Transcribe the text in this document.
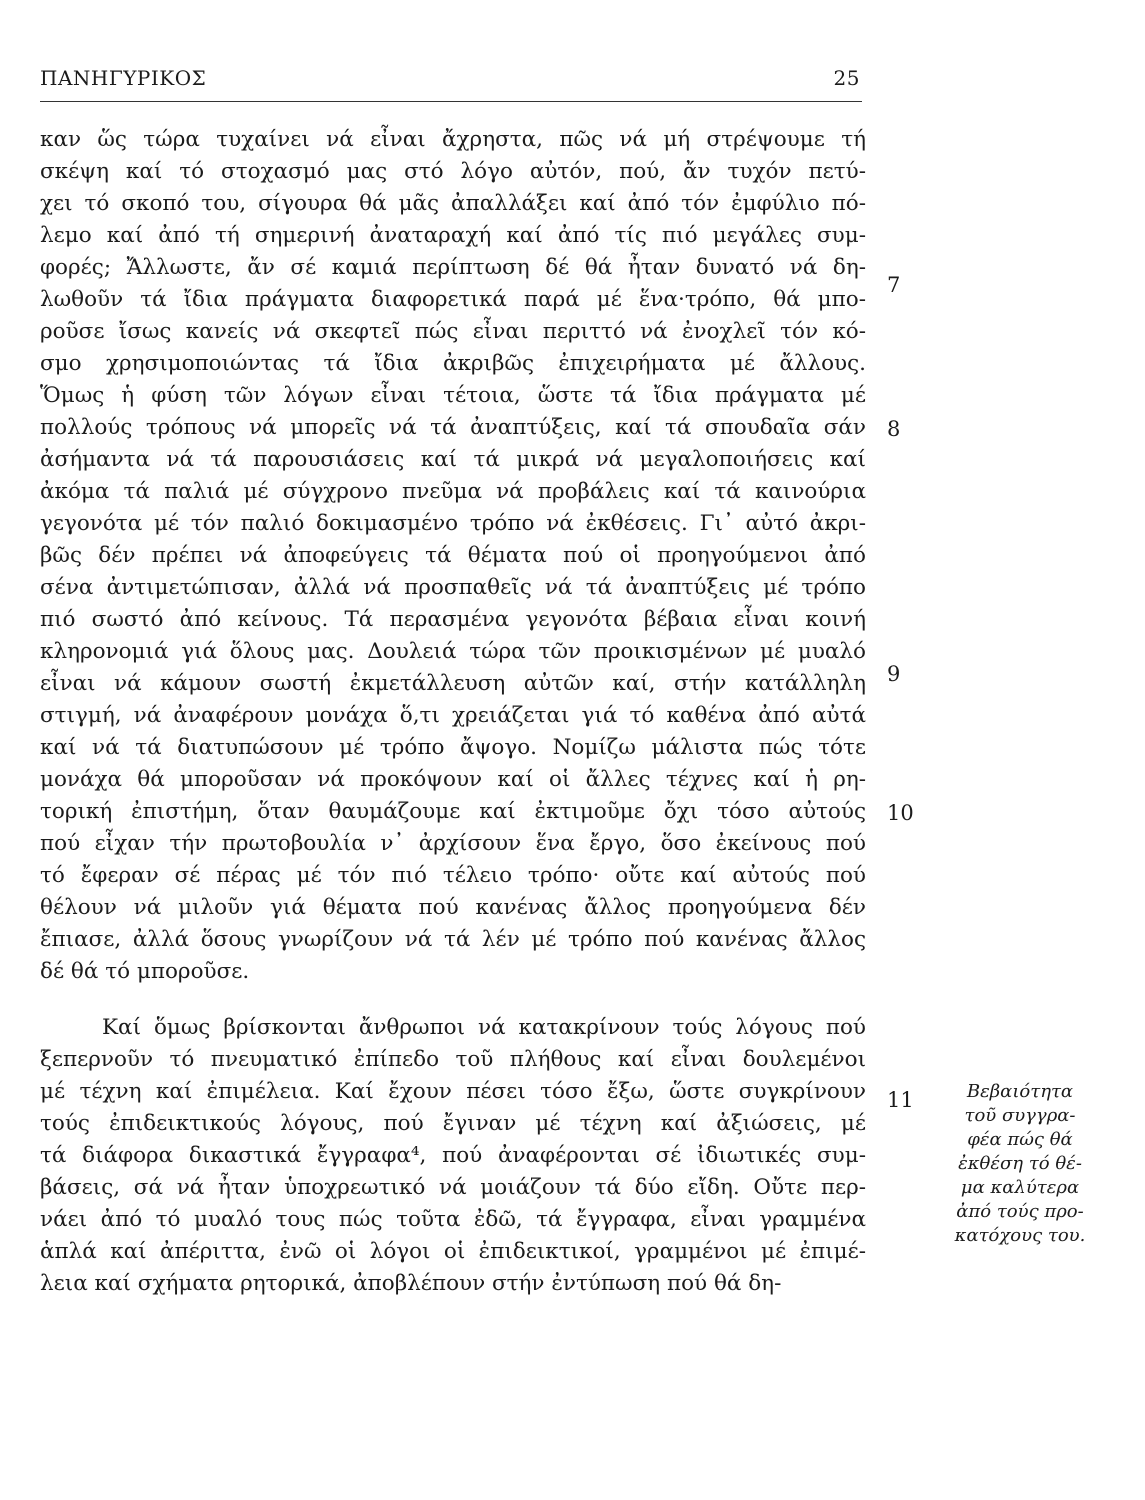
ΠΑΝΗΓΥΡΙΚΟΣ	25
καν ὥς τώρα τυχαίνει νά εἶναι ἄχρηστα, πῶς νά μή στρέψουμε τή
σκέψη καί τό στοχασμό μας στό λόγο αὐτόν, πού, ἄν τυχόν πετύ-
χει τό σκοπό του, σίγουρα θά μᾶς ἀπαλλάξει καί ἀπό τόν ἐμφύλιο πό-
λεμο καί ἀπό τή σημερινή ἀναταραχή καί ἀπό τίς πιό μεγάλες συμ-
φορές; Ἄλλωστε, ἄν σέ καμιά περίπτωση δέ θά ἦταν δυνατό νά δη-
λωθοῦν τά ἴδια πράγματα διαφορετικά παρά μέ ἕνα·τρόπο, θά μπο-
ροῦσε ἴσως κανείς νά σκεφτεῖ πώς εἶναι περιττό νά ἐνοχλεῖ τόν κό-
σμο χρησιμοποιώντας τά ἴδια ἀκριβῶς ἐπιχειρήματα μέ ἄλλους.
Ὅμως ἡ φύση τῶν λόγων εἶναι τέτοια, ὥστε τά ἴδια πράγματα μέ
πολλούς τρόπους νά μπορεῖς νά τά ἀναπτύξεις, καί τά σπουδαῖα σάν
ἀσήμαντα νά τά παρουσιάσεις καί τά μικρά νά μεγαλοποιήσεις καί
ἀκόμα τά παλιά μέ σύγχρονο πνεῦμα νά προβάλεις καί τά καινούρια
γεγονότα μέ τόν παλιό δοκιμασμένο τρόπο νά ἐκθέσεις. Γι᾽ αὐτό ἀκρι-
βῶς δέν πρέπει νά ἀποφεύγεις τά θέματα πού οἱ προηγούμενοι ἀπό
σένα ἀντιμετώπισαν, ἀλλά νά προσπαθεῖς νά τά ἀναπτύξεις μέ τρόπο
πιό σωστό ἀπό κείνους. Τά περασμένα γεγονότα βέβαια εἶναι κοινή
κληρονομιά γιά ὅλους μας. Δουλειά τώρα τῶν προικισμένων μέ μυαλό
εἶναι νά κάμουν σωστή ἐκμετάλλευση αὐτῶν καί, στήν κατάλληλη
στιγμή, νά ἀναφέρουν μονάχα ὅ,τι χρειάζεται γιά τό καθένα ἀπό αὐτά
καί νά τά διατυπώσουν μέ τρόπο ἄψογο. Νομίζω μάλιστα πώς τότε
μονάχα θά μποροῦσαν νά προκόψουν καί οἱ ἄλλες τέχνες καί ἡ ρη-
τορική ἐπιστήμη, ὅταν θαυμάζουμε καί ἐκτιμοῦμε ὄχι τόσο αὐτούς
πού εἶχαν τήν πρωτοβουλία ν᾽ ἀρχίσουν ἕνα ἔργο, ὅσο ἐκείνους πού
τό ἔφεραν σέ πέρας μέ τόν πιό τέλειο τρόπο· οὔτε καί αὐτούς πού
θέλουν νά μιλοῦν γιά θέματα πού κανένας ἄλλος προηγούμενα δέν
ἔπιασε, ἀλλά ὅσους γνωρίζουν νά τά λέν μέ τρόπο πού κανένας ἄλλος
δέ θά τό μποροῦσε.
Καί ὅμως βρίσκονται ἄνθρωποι νά κατακρίνουν τούς λόγους πού
ξεπερνοῦν τό πνευματικό ἐπίπεδο τοῦ πλήθους καί εἶναι δουλεμένοι
μέ τέχνη καί ἐπιμέλεια. Καί ἔχουν πέσει τόσο ἔξω, ὥστε συγκρίνουν
τούς ἐπιδεικτικούς λόγους, πού ἔγιναν μέ τέχνη καί ἀξιώσεις, μέ
τά διάφορα δικαστικά ἔγγραφα⁴, πού ἀναφέρονται σέ ἰδιωτικές συμ-
βάσεις, σά νά ἦταν ὑποχρεωτικό νά μοιάζουν τά δύο εἴδη. Οὔτε περ-
νάει ἀπό τό μυαλό τους πώς τοῦτα ἐδῶ, τά ἔγγραφα, εἶναι γραμμένα
ἁπλά καί ἀπέριττα, ἐνῶ οἱ λόγοι οἱ ἐπιδεικτικοί, γραμμένοι μέ ἐπιμέ-
λεια καί σχήματα ρητορικά, ἀποβλέπουν στήν ἐντύπωση πού θά δη-
7
8
9
10
11	Βεβαιότητα
τοῦ συγγρα-
φέα πώς θά
ἐκθέση τό θέ-
μα καλύτερα
ἀπό τούς προ-
κατόχους του.
